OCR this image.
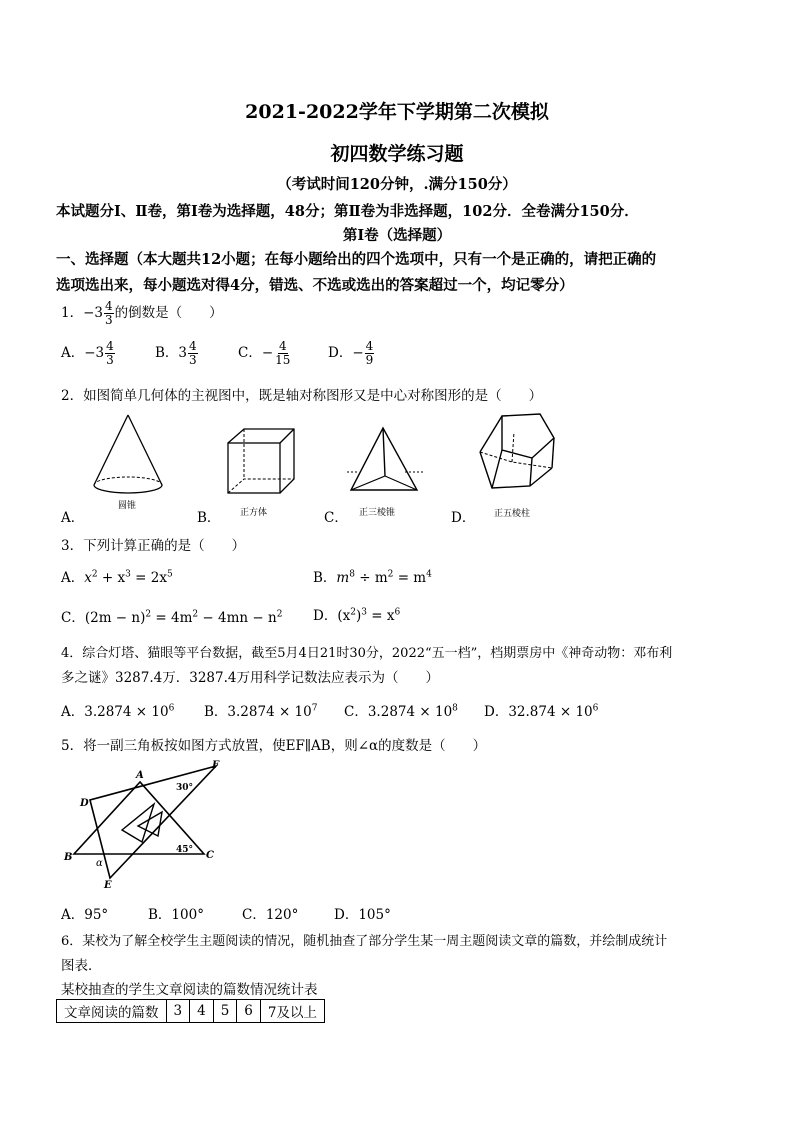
2021-2022学年下学期第二次模拟
初四数学练习题
（考试时间120分钟，.满分150分）
本试题分Ⅰ、Ⅱ卷，第Ⅰ卷为选择题，48分；第Ⅱ卷为非选择题，102分．全卷满分150分．
第Ⅰ卷（选择题）
一、选择题（本大题共12小题；在每小题给出的四个选项中，只有一个是正确的，请把正确的
选项选出来，每小题选对得4分，错选、不选或选出的答案超过一个，均记零分）
1．$-3 \frac{4}{3}$ 的倒数是（　　）
A．$-3 \frac{4}{3}$	B．$3 \frac{4}{3}$	C．− $\frac{4}{15}$	D．− $\frac{4}{9}$
2．如图简单几何体的主视图中，既是轴对称图形又是中心对称图形的是（　　）
圆锥
正方体	正三棱锥	正五棱柱
A．	B．	C．	D．
3．下列计算正确的是（　　）
A．$x^2 + x^3 = 2x^5$	B．$m^8 \div m^2 = m^4$
C．$(2m - n)^2 = 4m^2 - 4mn - n^2$ D．$(x^2)^3 = x^6$
4．综合灯塔、猫眼等平台数据，截至5月4日21时30分，2022“五一档”，档期票房中《神奇动物：邓布利
多之谜》3287.4万．3287.4万用科学记数法应表示为（　　）
A．$3.2874 \times 10^6$ B．$3.2874 \times 10^7$ C．$3.2874 \times 10^8$ D．$32.874 \times 10^6$
5．将一副三角板按如图方式放置，使EF∥AB，则∠α的度数是（　　）
A
B	C
D
E
F
α
30°
45°
A．95°	B．100°	C．120°	D．105°
6．某校为了解全校学生主题阅读的情况，随机抽查了部分学生某一周主题阅读文章的篇数，并绘制成统计
图表．
某校抽查的学生文章阅读的篇数情况统计表
文章阅读的篇数	3	4	5	6	7及以上
